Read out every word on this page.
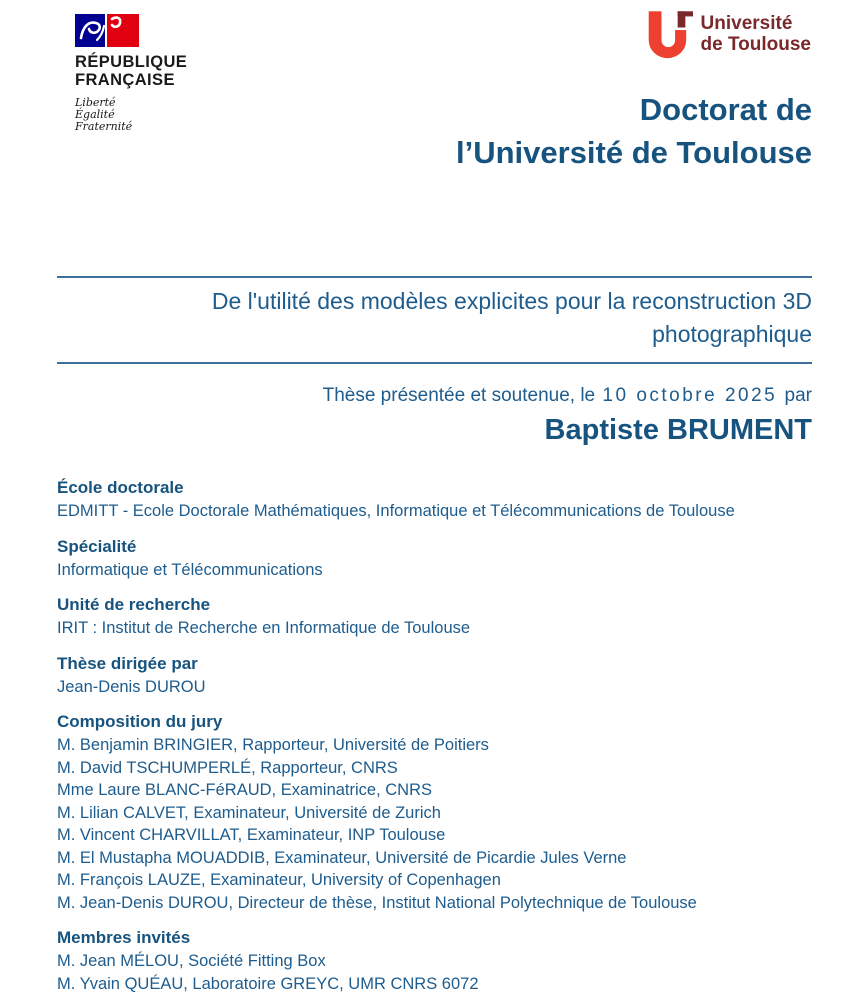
RÉPUBLIQUE
FRANÇAISE
Liberté
Égalité
Fraternité
Université
de Toulouse
Doctorat de
l’Université de Toulouse
De l'utilité des modèles explicites pour la reconstruction 3D
photographique
Thèse présentée et soutenue, le 10 octobre 2025 par
Baptiste BRUMENT
École doctorale
EDMITT - Ecole Doctorale Mathématiques, Informatique et Télécommunications de Toulouse
Spécialité
Informatique et Télécommunications
Unité de recherche
IRIT : Institut de Recherche en Informatique de Toulouse
Thèse dirigée par
Jean-Denis DUROU
Composition du jury
M. Benjamin BRINGIER, Rapporteur, Université de Poitiers
M. David TSCHUMPERLÉ, Rapporteur, CNRS
Mme Laure BLANC-FéRAUD, Examinatrice, CNRS
M. Lilian CALVET, Examinateur, Université de Zurich
M. Vincent CHARVILLAT, Examinateur, INP Toulouse
M. El Mustapha MOUADDIB, Examinateur, Université de Picardie Jules Verne
M. François LAUZE, Examinateur, University of Copenhagen
M. Jean-Denis DUROU, Directeur de thèse, Institut National Polytechnique de Toulouse
Membres invités
M. Jean MÉLOU, Société Fitting Box
M. Yvain QUÉAU, Laboratoire GREYC, UMR CNRS 6072
